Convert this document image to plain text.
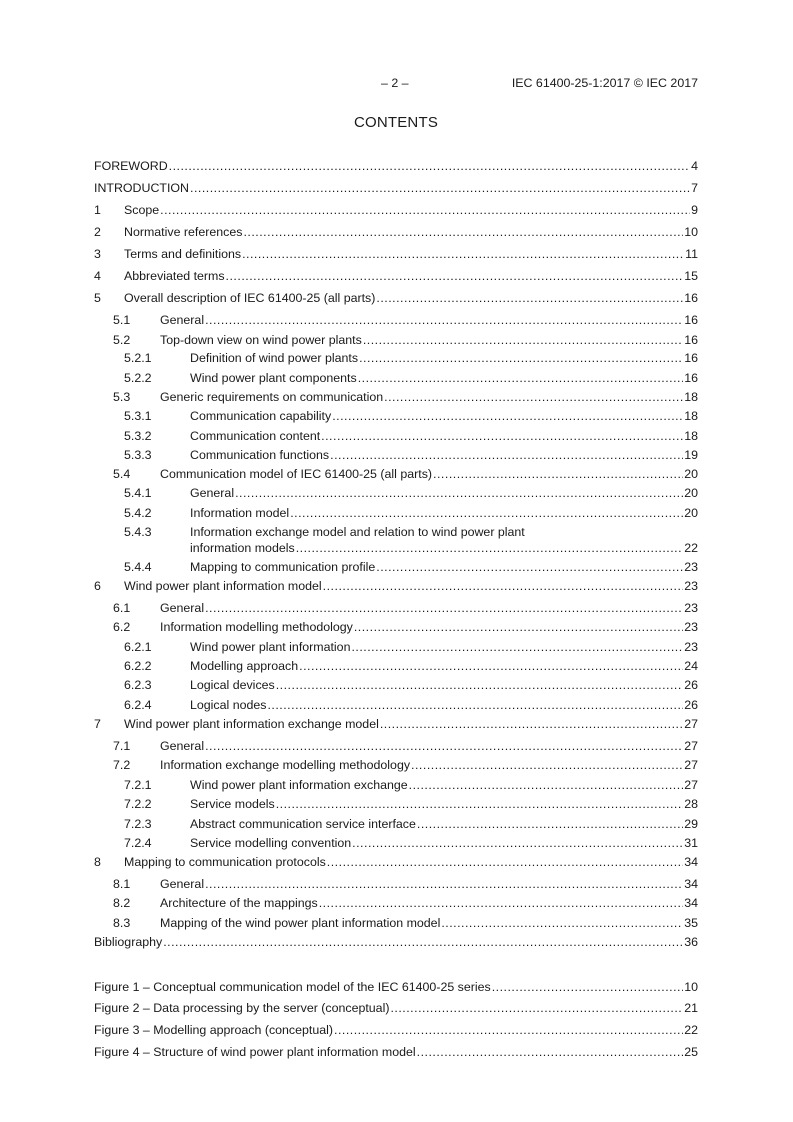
– 2 –	IEC 61400-25-1:2017 © IEC 2017
CONTENTS
FOREWORD .....	4
INTRODUCTION .....	7
1	Scope .....	9
2	Normative references .....	10
3	Terms and definitions .....	11
4	Abbreviated terms .....	15
5	Overall description of IEC 61400-25 (all parts) .....	16
5.1	General .....	16
5.2	Top-down view on wind power plants .....	16
5.2.1	Definition of wind power plants .....	16
5.2.2	Wind power plant components .....	16
5.3	Generic requirements on communication .....	18
5.3.1	Communication capability .....	18
5.3.2	Communication content .....	18
5.3.3	Communication functions .....	19
5.4	Communication model of IEC 61400-25 (all parts) .....	20
5.4.1	General .....	20
5.4.2	Information model .....	20
5.4.3	Information exchange model and relation to wind power plant
information models .....	22
5.4.4	Mapping to communication profile .....	23
6	Wind power plant information model .....	23
6.1	General .....	23
6.2	Information modelling methodology .....	23
6.2.1	Wind power plant information .....	23
6.2.2	Modelling approach .....	24
6.2.3	Logical devices .....	26
6.2.4	Logical nodes .....	26
7	Wind power plant information exchange model .....	27
7.1	General .....	27
7.2	Information exchange modelling methodology .....	27
7.2.1	Wind power plant information exchange .....	27
7.2.2	Service models .....	28
7.2.3	Abstract communication service interface .....	29
7.2.4	Service modelling convention .....	31
8	Mapping to communication protocols .....	34
8.1	General .....	34
8.2	Architecture of the mappings .....	34
8.3	Mapping of the wind power plant information model .....	35
Bibliography .....	36
Figure 1 – Conceptual communication model of the IEC 61400-25 series .....	10
Figure 2 – Data processing by the server (conceptual) .....	21
Figure 3 – Modelling approach (conceptual) .....	22
Figure 4 – Structure of wind power plant information model .....	25
